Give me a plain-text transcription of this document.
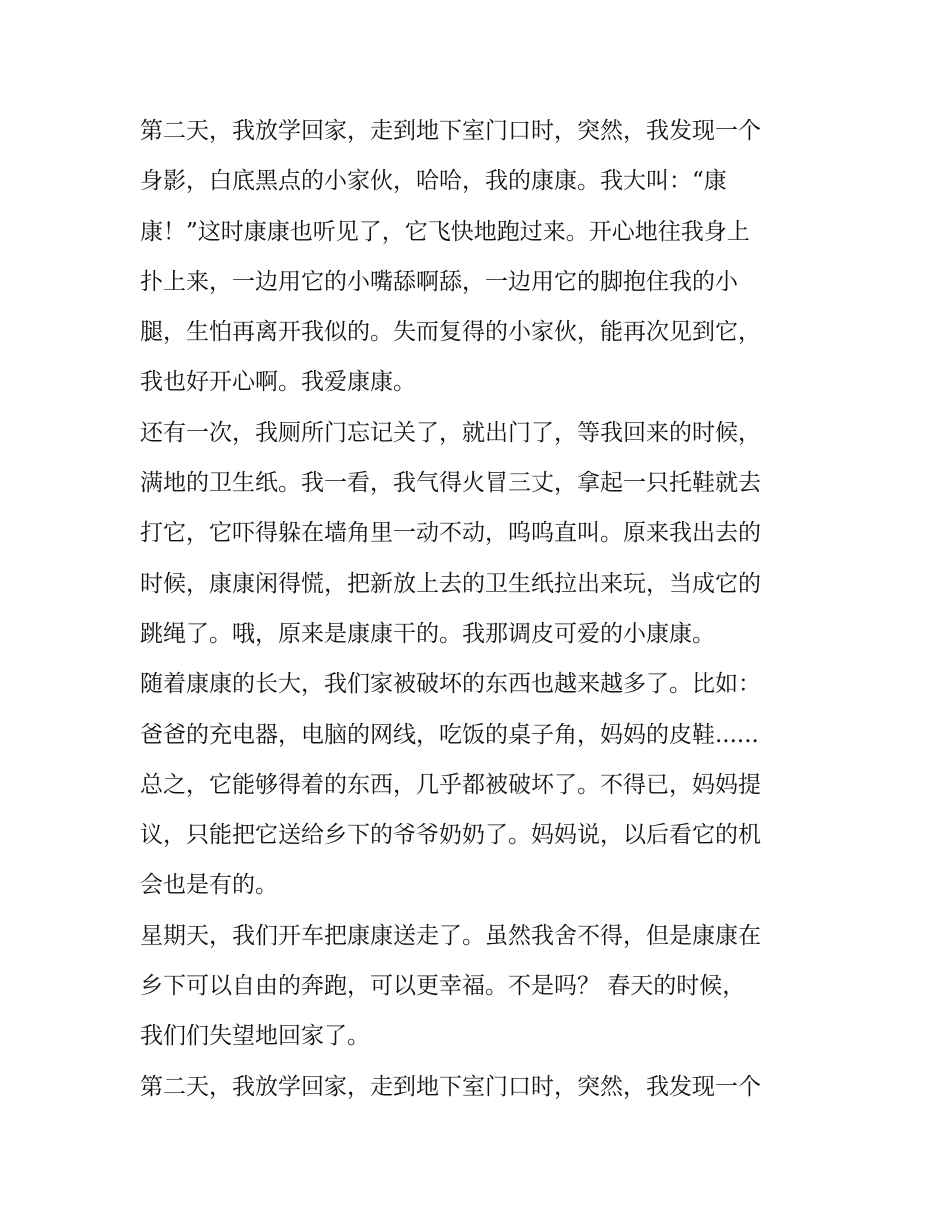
第二天，我放学回家，走到地下室门口时，突然，我发现一个
身影，白底黑点的小家伙，哈哈，我的康康。我大叫：“康
康！”这时康康也听见了，它飞快地跑过来。开心地往我身上
扑上来，一边用它的小嘴舔啊舔，一边用它的脚抱住我的小
腿，生怕再离开我似的。失而复得的小家伙，能再次见到它，
我也好开心啊。我爱康康。
还有一次，我厕所门忘记关了，就出门了，等我回来的时候，
满地的卫生纸。我一看，我气得火冒三丈，拿起一只托鞋就去
打它，它吓得躲在墙角里一动不动，呜呜直叫。原来我出去的
时候，康康闲得慌，把新放上去的卫生纸拉出来玩，当成它的
跳绳了。哦，原来是康康干的。我那调皮可爱的小康康。
随着康康的长大，我们家被破坏的东西也越来越多了。比如：
爸爸的充电器，电脑的网线，吃饭的桌子角，妈妈的皮鞋......
总之，它能够得着的东西，几乎都被破坏了。不得已，妈妈提
议，只能把它送给乡下的爷爷奶奶了。妈妈说，以后看它的机
会也是有的。
星期天，我们开车把康康送走了。虽然我舍不得，但是康康在
乡下可以自由的奔跑，可以更幸福。不是吗？ 春天的时候，
我们们失望地回家了。
第二天，我放学回家，走到地下室门口时，突然，我发现一个
